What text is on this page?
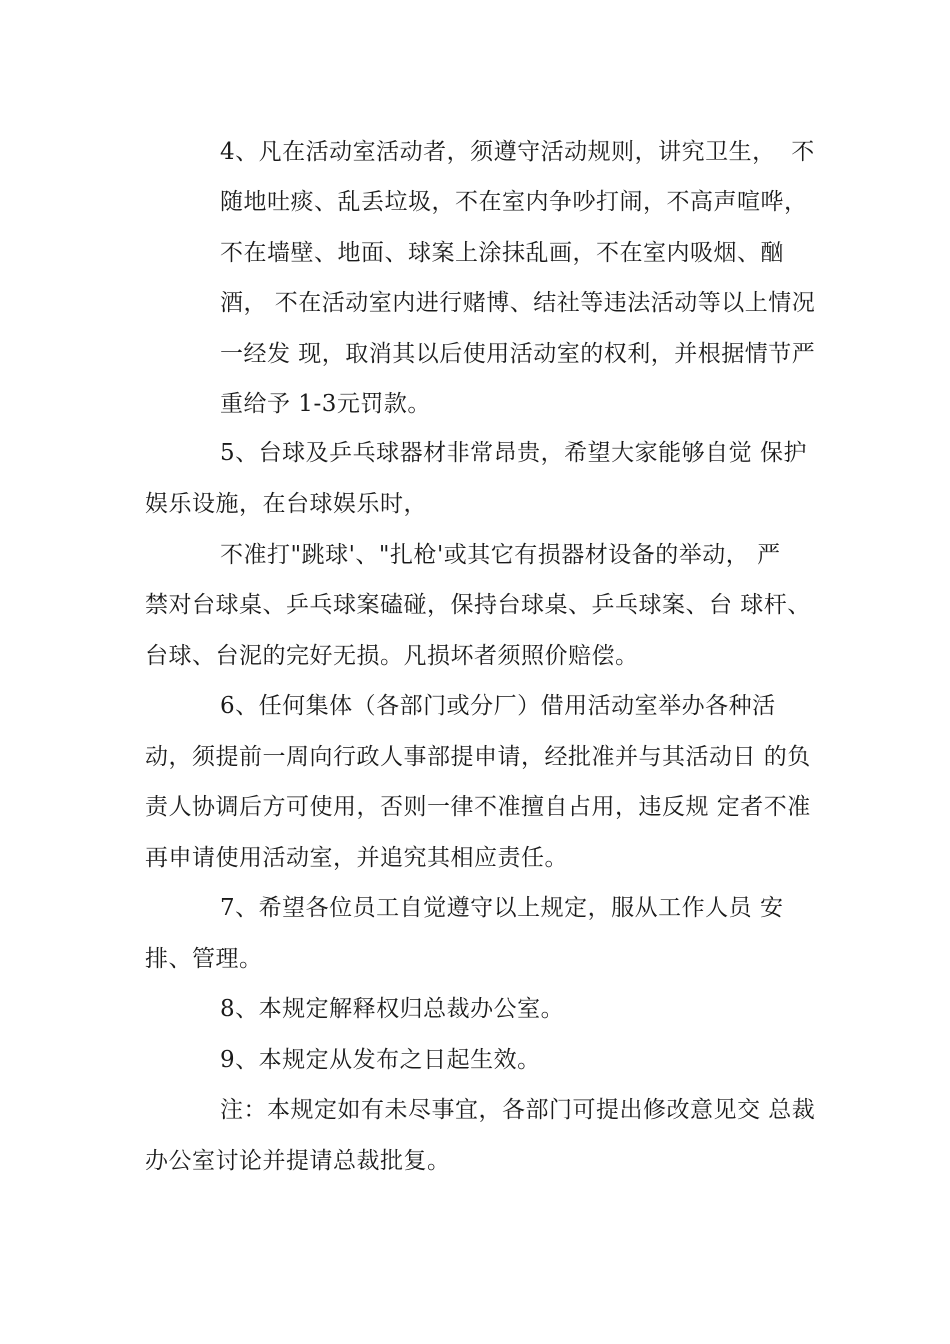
4、凡在活动室活动者，须遵守活动规则，讲究卫生，  不
随地吐痰、乱丢垃圾，不在室内争吵打闹，不高声喧哗，
不在墙壁、地面、球案上涂抹乱画，不在室内吸烟、酗
酒， 不在活动室内进行赌博、结社等违法活动等以上情况
一经发 现，取消其以后使用活动室的权利，并根据情节严
重给予 1-3元罚款。
5、台球及乒乓球器材非常昂贵，希望大家能够自觉 保护
娱乐设施，在台球娱乐时，
不准打"跳球'、"扎枪'或其它有损器材设备的举动， 严
禁对台球桌、乒乓球案磕碰，保持台球桌、乒乓球案、台 球杆、
台球、台泥的完好无损。凡损坏者须照价赔偿。
6、任何集体（各部门或分厂）借用活动室举办各种活
动，须提前一周向行政人事部提申请，经批准并与其活动日 的负
责人协调后方可使用，否则一律不准擅自占用，违反规 定者不准
再申请使用活动室，并追究其相应责任。
7、希望各位员工自觉遵守以上规定，服从工作人员 安
排、管理。
8、本规定解释权归总裁办公室。
9、本规定从发布之日起生效。
注：本规定如有未尽事宜，各部门可提出修改意见交 总裁
办公室讨论并提请总裁批复。
